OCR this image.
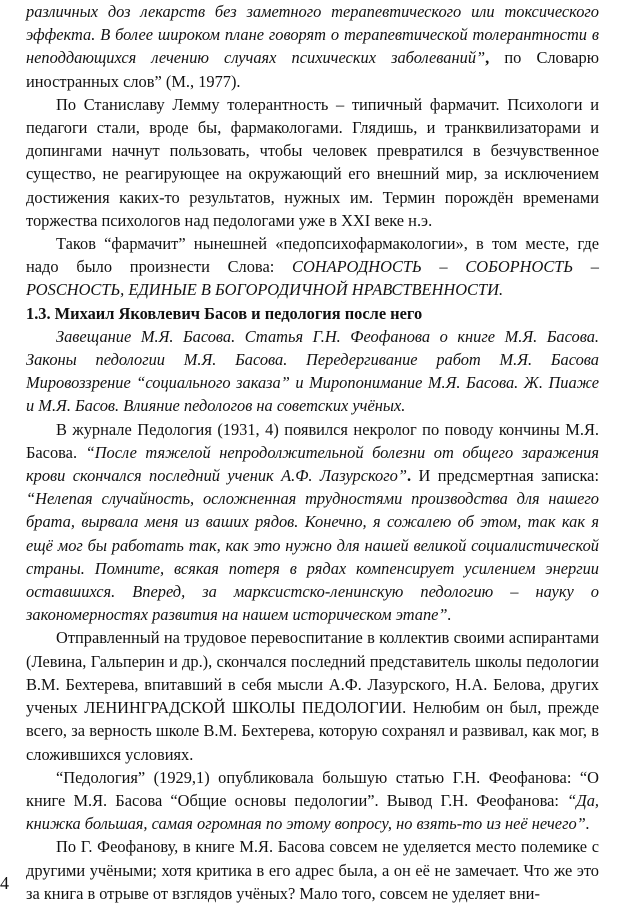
различных доз лекарств без заметного терапевтического или токсического эффекта. В более широком плане говорят о терапевтической толерантности в неподдающихся лечению случаях психических заболеваний”, по Словарю иностранных слов” (М., 1977).

По Станиславу Лемму толерантность – типичный фармачит. Психологи и педагоги стали, вроде бы, фармакологами. Глядишь, и транквилизаторами и допингами начнут пользовать, чтобы человек превратился в безчувственное существо, не реагирующее на окружающий его внешний мир, за исключением достижения каких-то результатов, нужных им. Термин порождён временами торжества психологов над педологами уже в XXI веке н.э.

Таков “фармачит” нынешней «педопсихофармакологии», в том месте, где надо было произнести Слова: СОНАРОДНОСТЬ – СОБОРНОСТЬ – РОSСНОСТЬ, ЕДИНЫЕ В БОГОРОДИЧНОЙ НРАВСТВЕННОСТИ.

1.3. Михаил Яковлевич Басов и педология после него

Завещание М.Я. Басова. Статья Г.Н. Феофанова о книге М.Я. Басова. Законы педологии М.Я. Басова. Передергивание работ М.Я. Басова Мировоззрение “социального заказа” и Миропонимание М.Я. Басова. Ж. Пиаже и М.Я. Басов. Влияние педологов на советских учёных.

В журнале Педология (1931, 4) появился некролог по поводу кончины М.Я. Басова. “После тяжелой непродолжительной болезни от общего заражения крови скончался последний ученик А.Ф. Лазурского”. И предсмертная записка: “Нелепая случайность, осложненная трудностями производства для нашего брата, вырвала меня из ваших рядов. Конечно, я сожалею об этом, так как я ещё мог бы работать так, как это нужно для нашей великой социалистической страны. Помните, всякая потеря в рядах компенсирует усилением энергии оставшихся. Вперед, за марксистско-ленинскую педологию – науку о закономерностях развития на нашем историческом этапе”.

Отправленный на трудовое перевоспитание в коллектив своими аспирантами (Левина, Гальперин и др.), скончался последний представитель школы педологии В.М. Бехтерева, впитавший в себя мысли А.Ф. Лазурского, Н.А. Белова, других ученых ЛЕНИНГРАДСКОЙ ШКОЛЫ ПЕДОЛОГИИ. Нелюбим он был, прежде всего, за верность школе В.М. Бехтерева, которую сохранял и развивал, как мог, в сложившихся условиях.

“Педология” (1929,1) опубликовала большую статью Г.Н. Феофанова: “О книге М.Я. Басова “Общие основы педологии”. Вывод Г.Н. Феофанова: “Да, книжка большая, самая огромная по этому вопросу, но взять-то из неё нечего”.

По Г. Феофанову, в книге М.Я. Басова совсем не уделяется место полемике с другими учёными; хотя критика в его адрес была, а он её не замечает. Что же это за книга в отрыве от взглядов учёных? Мало того, совсем не уделяет вни-

4
